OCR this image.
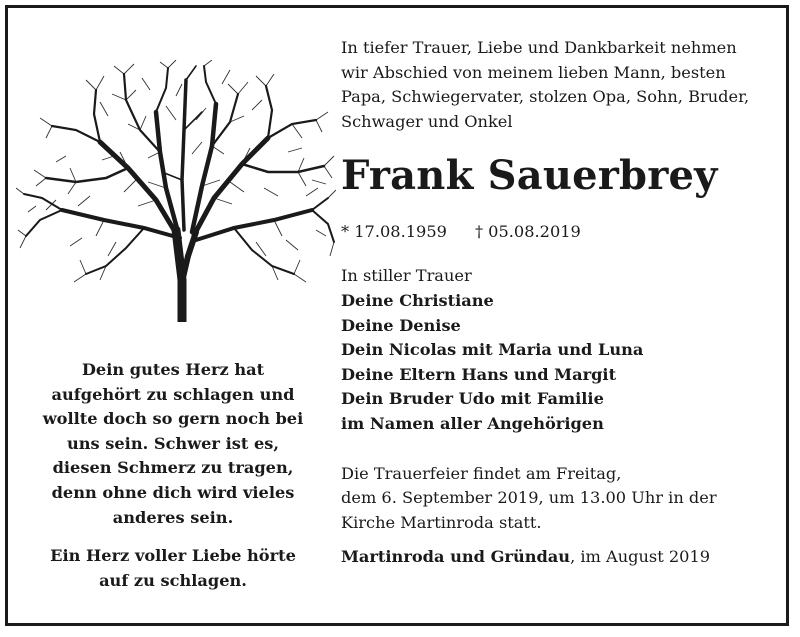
Dein gutes Herz hat
aufgehört zu schlagen und
wollte doch so gern noch bei
uns sein. Schwer ist es,
diesen Schmerz zu tragen,
denn ohne dich wird vieles
anderes sein.
Ein Herz voller Liebe hörte
auf zu schlagen.
In tiefer Trauer, Liebe und Dankbarkeit nehmen
wir Abschied von meinem lieben Mann, besten
Papa, Schwiegervater, stolzen Opa, Sohn, Bruder,
Schwager und Onkel
Frank Sauerbrey
* 17.08.1959 † 05.08.2019
In stiller Trauer
Deine Christiane
Deine Denise
Dein Nicolas mit Maria und Luna
Deine Eltern Hans und Margit
Dein Bruder Udo mit Familie
im Namen aller Angehörigen
Die Trauerfeier findet am Freitag,
dem 6. September 2019, um 13.00 Uhr in der
Kirche Martinroda statt.
Martinroda und Gründau, im August 2019
